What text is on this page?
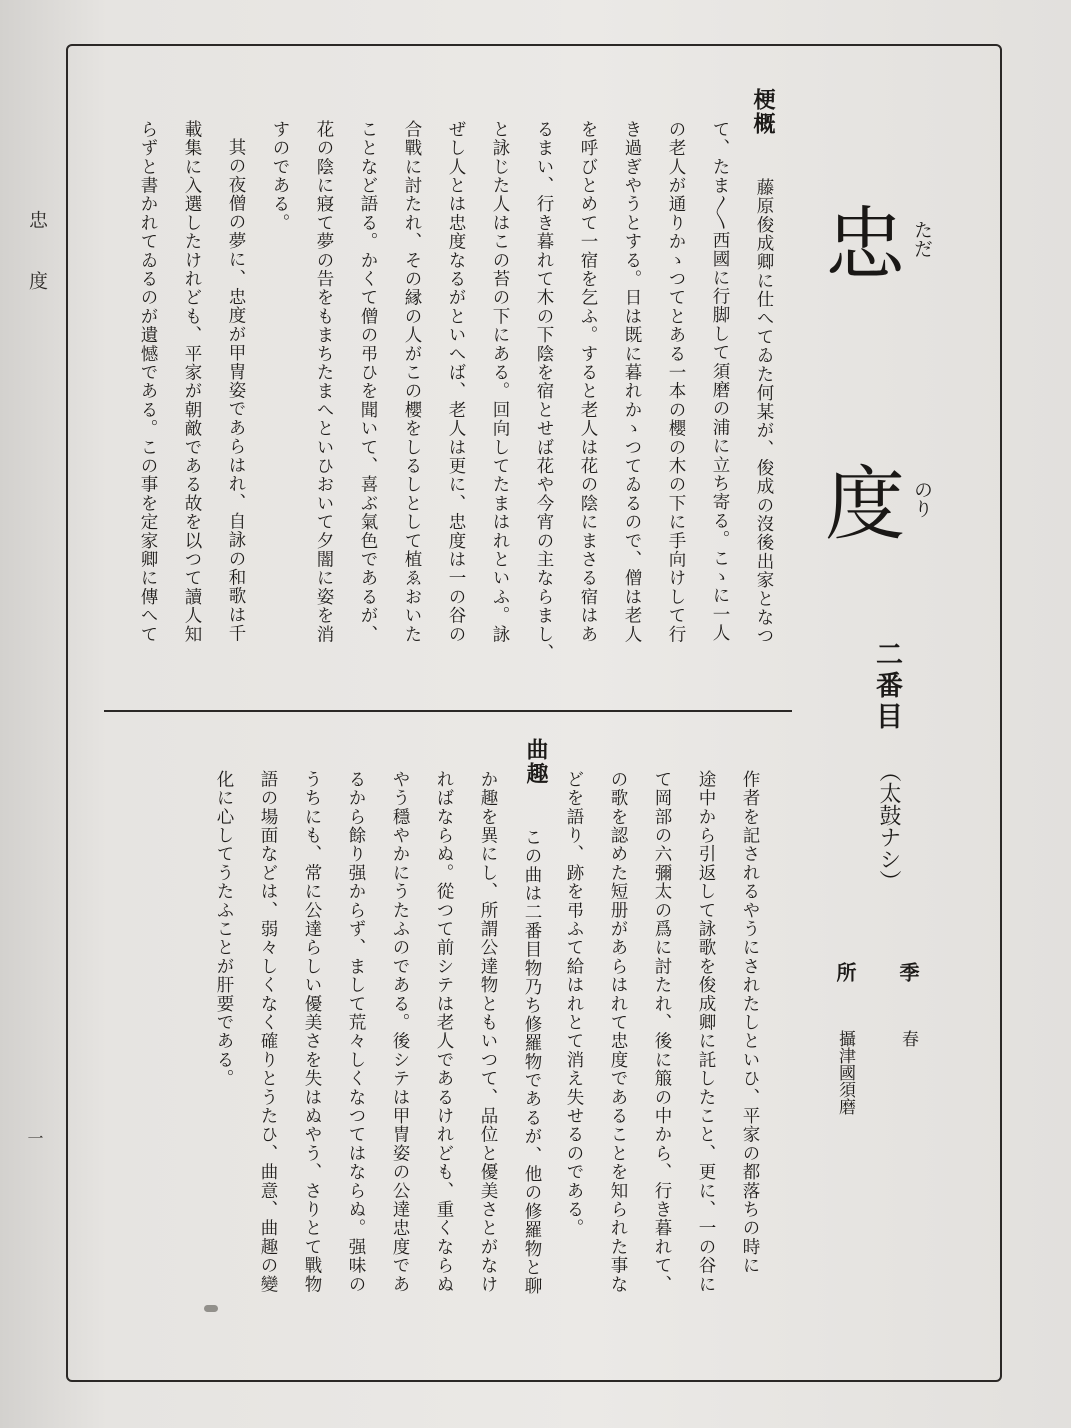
忠度
一
忠 ただ
度 のり
二番目
（太鼓ナシ）
季
春
所
攝津國須磨
梗概
曲趣
藤原俊成卿に仕へてゐた何某が、俊成の沒後出家となつ
て、たま〱西國に行脚して須磨の浦に立ち寄る。こゝに一人
の老人が通りかゝつてとある一本の櫻の木の下に手向けして行
き過ぎやうとする。日は既に暮れかゝつてゐるので、僧は老人
を呼びとめて一宿を乞ふ。すると老人は花の陰にまさる宿はあ
るまい、行き暮れて木の下陰を宿とせば花や今宵の主ならまし、
と詠じた人はこの苔の下にある。回向してたまはれといふ。詠
ぜし人とは忠度なるがといへば、老人は更に、忠度は一の谷の
合戰に討たれ、その縁の人がこの櫻をしるしとして植ゑおいた
ことなど語る。かくて僧の弔ひを聞いて、喜ぶ氣色であるが、
花の陰に寢て夢の告をもまちたまへといひおいて夕闇に姿を消
すのである。
其の夜僧の夢に、忠度が甲冑姿であらはれ、自詠の和歌は千
載集に入選したけれども、平家が朝敵である故を以つて讀人知
らずと書かれてゐるのが遺憾である。この事を定家卿に傳へて
作者を記されるやうにされたしといひ、平家の都落ちの時に
途中から引返して詠歌を俊成卿に託したこと、更に、一の谷に
て岡部の六彌太の爲に討たれ、後に箙の中から、行き暮れて、
の歌を認めた短册があらはれて忠度であることを知られた事な
どを語り、跡を弔ふて給はれとて消え失せるのである。
この曲は二番目物乃ち修羅物であるが、他の修羅物と聊
か趣を異にし、所謂公達物ともいつて、品位と優美さとがなけ
ればならぬ。從つて前シテは老人であるけれども、重くならぬ
やう穩やかにうたふのである。後シテは甲冑姿の公達忠度であ
るから餘り强からず、まして荒々しくなつてはならぬ。强味の
うちにも、常に公達らしい優美さを失はぬやう、さりとて戰物
語の場面などは、弱々しくなく確りとうたひ、曲意、曲趣の變
化に心してうたふことが肝要である。
